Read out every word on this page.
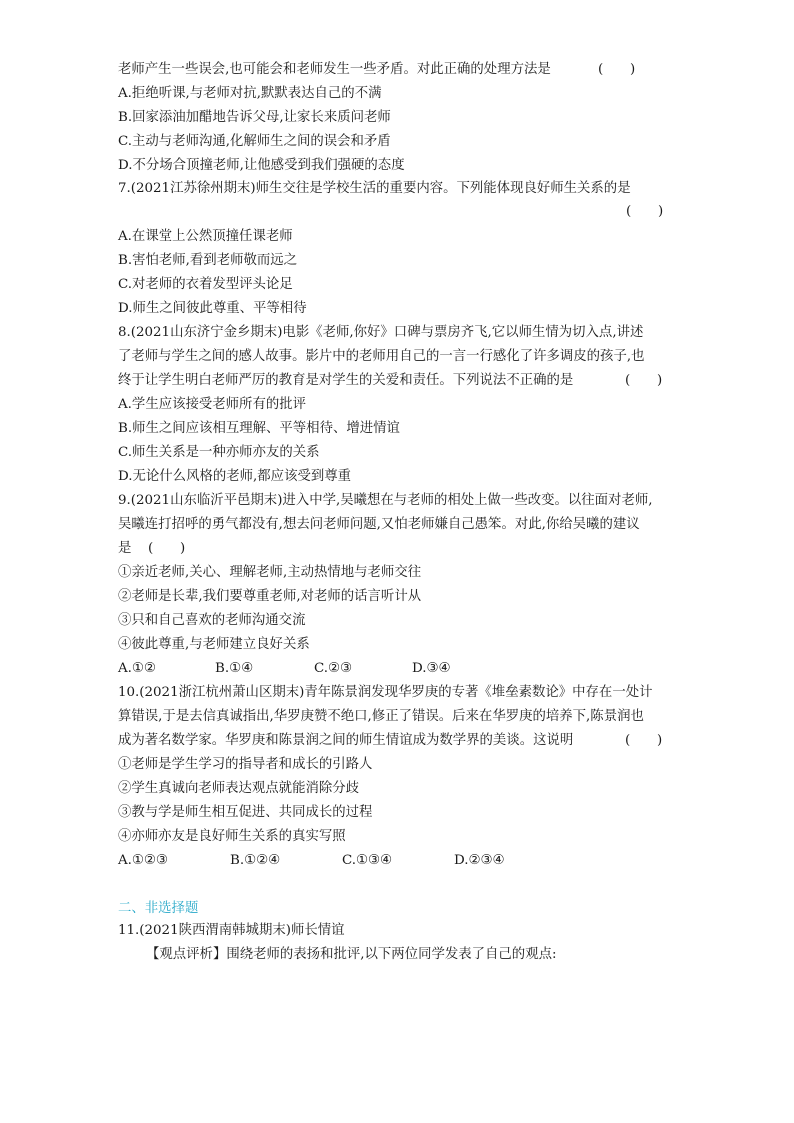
老师产生一些误会,也可能会和老师发生一些矛盾。对此正确的处理方法是	(　　)
A.拒绝听课,与老师对抗,默默表达自己的不满
B.回家添油加醋地告诉父母,让家长来质问老师
C.主动与老师沟通,化解师生之间的误会和矛盾
D.不分场合顶撞老师,让他感受到我们强硬的态度
7.(2021江苏徐州期末)师生交往是学校生活的重要内容。下列能体现良好师生关系的是
(　　)
A.在课堂上公然顶撞任课老师
B.害怕老师,看到老师敬而远之
C.对老师的衣着发型评头论足
D.师生之间彼此尊重、平等相待
8.(2021山东济宁金乡期末)电影《老师,你好》口碑与票房齐飞,它以师生情为切入点,讲述
了老师与学生之间的感人故事。影片中的老师用自己的一言一行感化了许多调皮的孩子,也
终于让学生明白老师严厉的教育是对学生的关爱和责任。下列说法不正确的是	(　　)
A.学生应该接受老师所有的批评
B.师生之间应该相互理解、平等相待、增进情谊
C.师生关系是一种亦师亦友的关系
D.无论什么风格的老师,都应该受到尊重
9.(2021山东临沂平邑期末)进入中学,吴曦想在与老师的相处上做一些改变。以往面对老师,
吴曦连打招呼的勇气都没有,想去问老师问题,又怕老师嫌自己愚笨。对此,你给吴曦的建议
是 (　　)
①亲近老师,关心、理解老师,主动热情地与老师交往
②老师是长辈,我们要尊重老师,对老师的话言听计从
③只和自己喜欢的老师沟通交流
④彼此尊重,与老师建立良好关系
A.①②	B.①④	C.②③	D.③④
10.(2021浙江杭州萧山区期末)青年陈景润发现华罗庚的专著《堆垒素数论》中存在一处计
算错误,于是去信真诚指出,华罗庚赞不绝口,修正了错误。后来在华罗庚的培养下,陈景润也
成为著名数学家。华罗庚和陈景润之间的师生情谊成为数学界的美谈。这说明	(　　)
①老师是学生学习的指导者和成长的引路人
②学生真诚向老师表达观点就能消除分歧
③教与学是师生相互促进、共同成长的过程
④亦师亦友是良好师生关系的真实写照
A.①②③	B.①②④	C.①③④	D.②③④
二、非选择题
11.(2021陕西渭南韩城期末)师长情谊
【观点评析】围绕老师的表扬和批评,以下两位同学发表了自己的观点:
